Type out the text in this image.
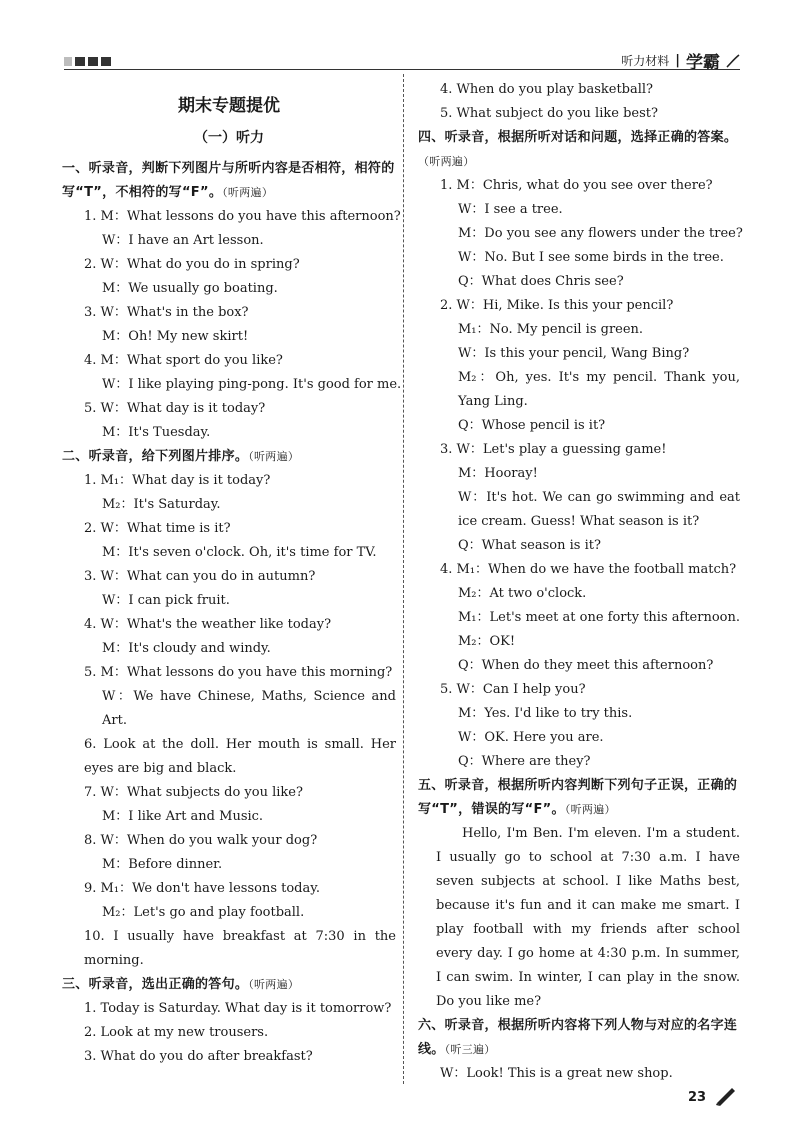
听力材料 | 学霸
期末专题提优
（一）听力
一、听录音，判断下列图片与所听内容是否相符，相符的写“T”，不相符的写“F”。（听两遍）
1. M：What lessons do you have this afternoon?
W：I have an Art lesson.
2. W：What do you do in spring?
M：We usually go boating.
3. W：What's in the box?
M：Oh! My new skirt!
4. M：What sport do you like?
W：I like playing ping-pong. It's good for me.
5. W：What day is it today?
M：It's Tuesday.
二、听录音，给下列图片排序。（听两遍）
1. M₁：What day is it today?
M₂：It's Saturday.
2. W：What time is it?
M：It's seven o'clock. Oh, it's time for TV.
3. W：What can you do in autumn?
W：I can pick fruit.
4. W：What's the weather like today?
M：It's cloudy and windy.
5. M：What lessons do you have this morning?
W：We have Chinese, Maths, Science and Art.
6. Look at the doll. Her mouth is small. Her eyes are big and black.
7. W：What subjects do you like?
M：I like Art and Music.
8. W：When do you walk your dog?
M：Before dinner.
9. M₁：We don't have lessons today.
M₂：Let's go and play football.
10. I usually have breakfast at 7:30 in the morning.
三、听录音，选出正确的答句。（听两遍）
1. Today is Saturday. What day is it tomorrow?
2. Look at my new trousers.
3. What do you do after breakfast?
4. When do you play basketball?
5. What subject do you like best?
四、听录音，根据所听对话和问题，选择正确的答案。（听两遍）
1. M：Chris, what do you see over there?
W：I see a tree.
M：Do you see any flowers under the tree?
W：No. But I see some birds in the tree.
Q：What does Chris see?
2. W：Hi, Mike. Is this your pencil?
M₁：No. My pencil is green.
W：Is this your pencil, Wang Bing?
M₂：Oh, yes. It's my pencil. Thank you, Yang Ling.
Q：Whose pencil is it?
3. W：Let's play a guessing game!
M：Hooray!
W：It's hot. We can go swimming and eat ice cream. Guess! What season is it?
Q：What season is it?
4. M₁：When do we have the football match?
M₂：At two o'clock.
M₁：Let's meet at one forty this afternoon.
M₂：OK!
Q：When do they meet this afternoon?
5. W：Can I help you?
M：Yes. I'd like to try this.
W：OK. Here you are.
Q：Where are they?
五、听录音，根据所听内容判断下列句子正误，正确的写“T”，错误的写“F”。（听两遍）
Hello, I'm Ben. I'm eleven. I'm a student. I usually go to school at 7:30 a.m. I have seven subjects at school. I like Maths best, because it's fun and it can make me smart. I play football with my friends after school every day. I go home at 4:30 p.m. In summer, I can swim. In winter, I can play in the snow. Do you like me?
六、听录音，根据所听内容将下列人物与对应的名字连线。（听三遍）
W：Look! This is a great new shop.
23
